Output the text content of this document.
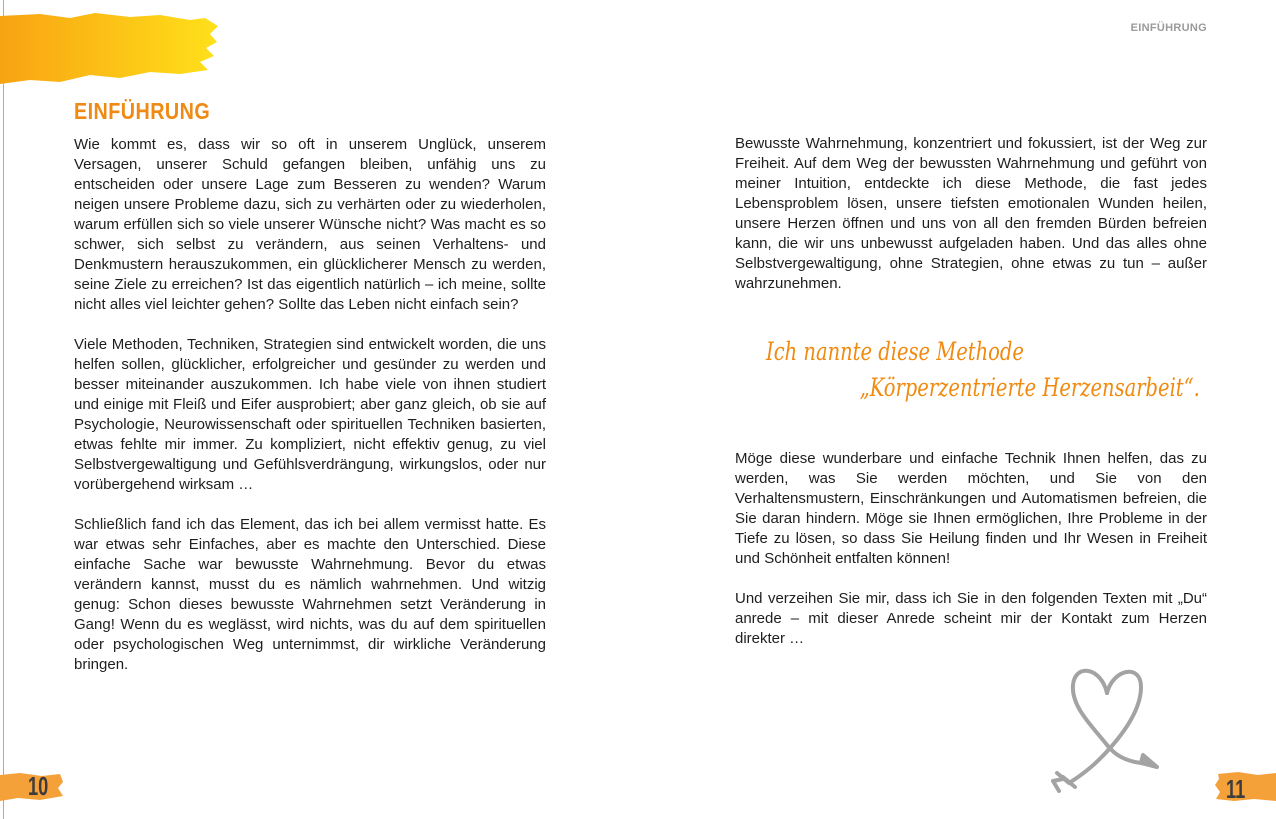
EINFÜHRUNG
EINFÜHRUNG

Wie kommt es, dass wir so oft in unserem Unglück, unserem Versagen, unserer Schuld gefangen bleiben, unfähig uns zu entscheiden oder unsere Lage zum Besseren zu wenden? Warum neigen unsere Probleme dazu, sich zu verhärten oder zu wiederholen, warum erfüllen sich so viele unserer Wünsche nicht? Was macht es so schwer, sich selbst zu verändern, aus seinen Verhaltens- und Denkmustern herauszukommen, ein glücklicherer Mensch zu werden, seine Ziele zu erreichen? Ist das eigentlich natürlich – ich meine, sollte nicht alles viel leichter gehen? Sollte das Leben nicht einfach sein?

Viele Methoden, Techniken, Strategien sind entwickelt worden, die uns helfen sollen, glücklicher, erfolgreicher und gesünder zu werden und besser miteinander auszukommen. Ich habe viele von ihnen studiert und einige mit Fleiß und Eifer ausprobiert; aber ganz gleich, ob sie auf Psychologie, Neurowissenschaft oder spirituellen Techniken basierten, etwas fehlte mir immer. Zu kompliziert, nicht effektiv genug, zu viel Selbstvergewaltigung und Gefühlsverdrängung, wirkungslos, oder nur vorübergehend wirksam …

Schließlich fand ich das Element, das ich bei allem vermisst hatte. Es war etwas sehr Einfaches, aber es machte den Unterschied. Diese einfache Sache war bewusste Wahrnehmung. Bevor du etwas verändern kannst, musst du es nämlich wahrnehmen. Und witzig genug: Schon dieses bewusste Wahrnehmen setzt Veränderung in Gang! Wenn du es weglässt, wird nichts, was du auf dem spirituellen oder psychologischen Weg unternimmst, dir wirkliche Veränderung bringen.

Bewusste Wahrnehmung, konzentriert und fokussiert, ist der Weg zur Freiheit. Auf dem Weg der bewussten Wahrnehmung und geführt von meiner Intuition, entdeckte ich diese Methode, die fast jedes Lebensproblem lösen, unsere tiefsten emotionalen Wunden heilen, unsere Herzen öffnen und uns von all den fremden Bürden befreien kann, die wir uns unbewusst aufgeladen haben. Und das alles ohne Selbstvergewaltigung, ohne Strategien, ohne etwas zu tun – außer wahrzunehmen.

Ich nannte diese Methode
„Körperzentrierte Herzensarbeit“.

Möge diese wunderbare und einfache Technik Ihnen helfen, das zu werden, was Sie werden möchten, und Sie von den Verhaltensmustern, Einschränkungen und Automatismen befreien, die Sie daran hindern. Möge sie Ihnen ermöglichen, Ihre Probleme in der Tiefe zu lösen, so dass Sie Heilung finden und Ihr Wesen in Freiheit und Schönheit entfalten können!

Und verzeihen Sie mir, dass ich Sie in den folgenden Texten mit „Du“ anrede – mit dieser Anrede scheint mir der Kontakt zum Herzen direkter …

10	11
